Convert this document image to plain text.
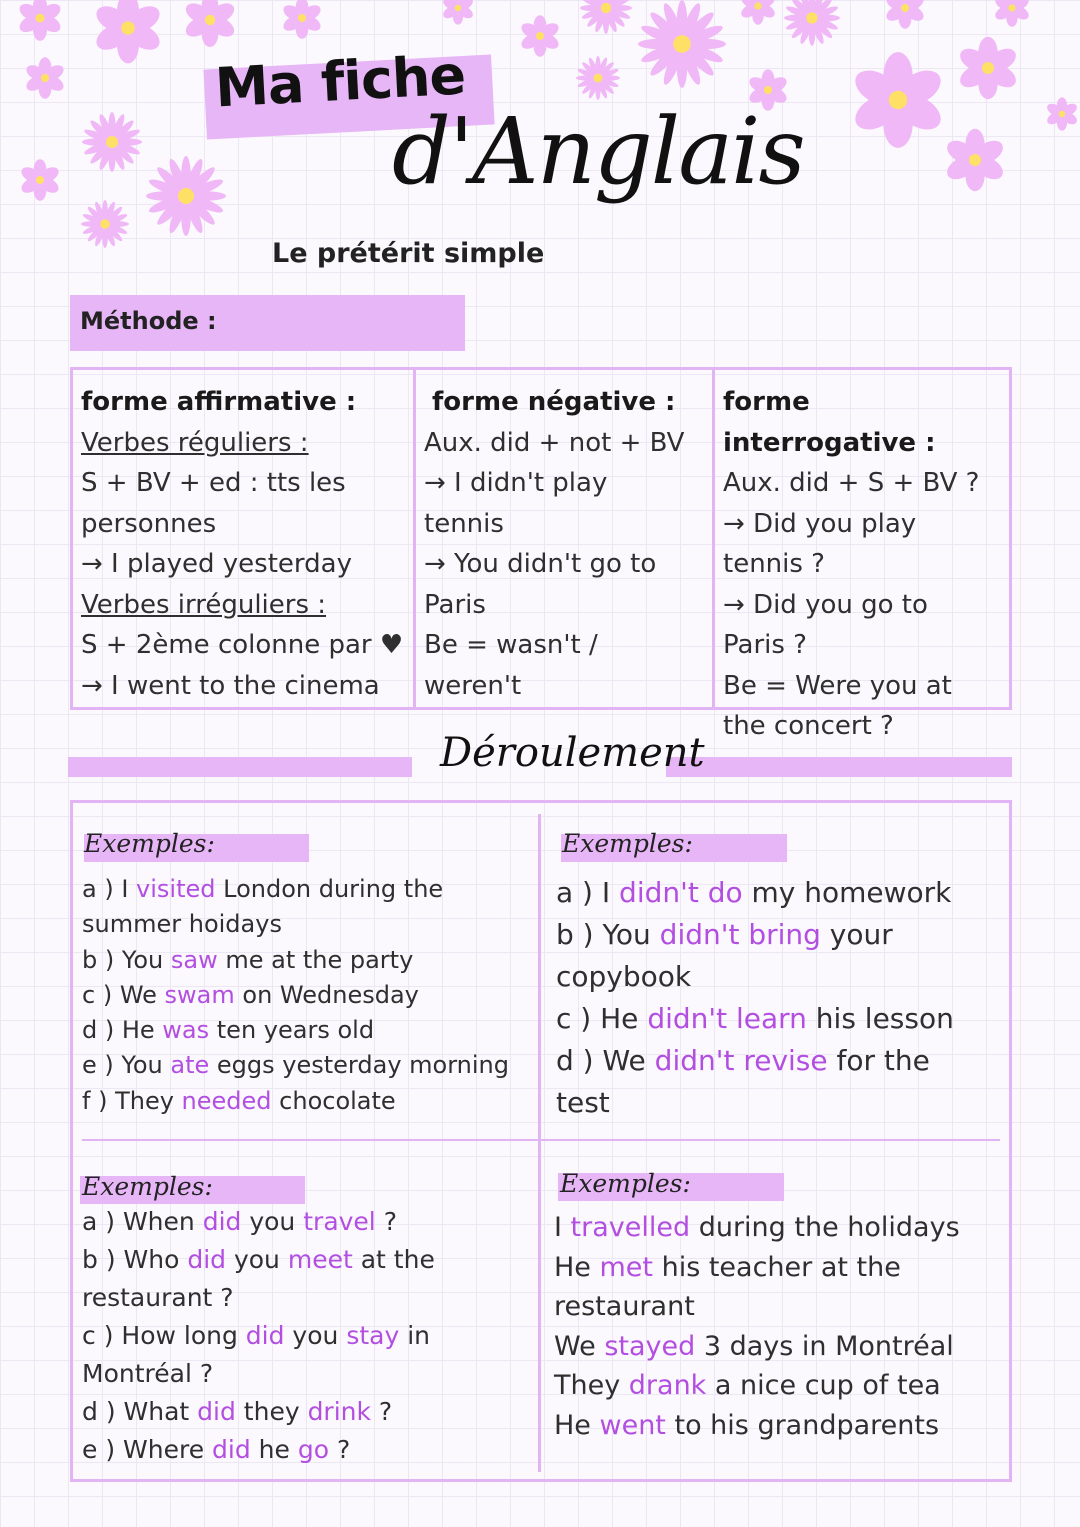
Ma fiche
d'Anglais
Le prétérit simple
Méthode :
forme affirmative :
Verbes réguliers :
S + BV + ed : tts les
personnes
→ I played yesterday
Verbes irréguliers :
S + 2ème colonne par ♥
→ I went to the cinema
forme négative :
Aux. did + not + BV
→ I didn't play
tennis
→ You didn't go to
Paris
Be = wasn't /
weren't
forme interrogative :
Aux. did + S + BV ?
→ Did you play
tennis ?
→ Did you go to
Paris ?
Be = Were you at
the concert ?
Déroulement
Exemples:
a ) I visited London during the
summer hoidays
b ) You saw me at the party
c ) We swam on Wednesday
d ) He was ten years old
e ) You ate eggs yesterday morning
f ) They needed chocolate
Exemples:
a ) I didn't do my homework
b ) You didn't bring your
copybook
c ) He didn't learn his lesson
d ) We didn't revise for the
test
Exemples:
a ) When did you travel ?
b ) Who did you meet at the
restaurant ?
c ) How long did you stay in
Montréal ?
d ) What did they drink ?
e ) Where did he go ?
Exemples:
I travelled during the holidays
He met his teacher at the
restaurant
We stayed 3 days in Montréal
They drank a nice cup of tea
He went to his grandparents
